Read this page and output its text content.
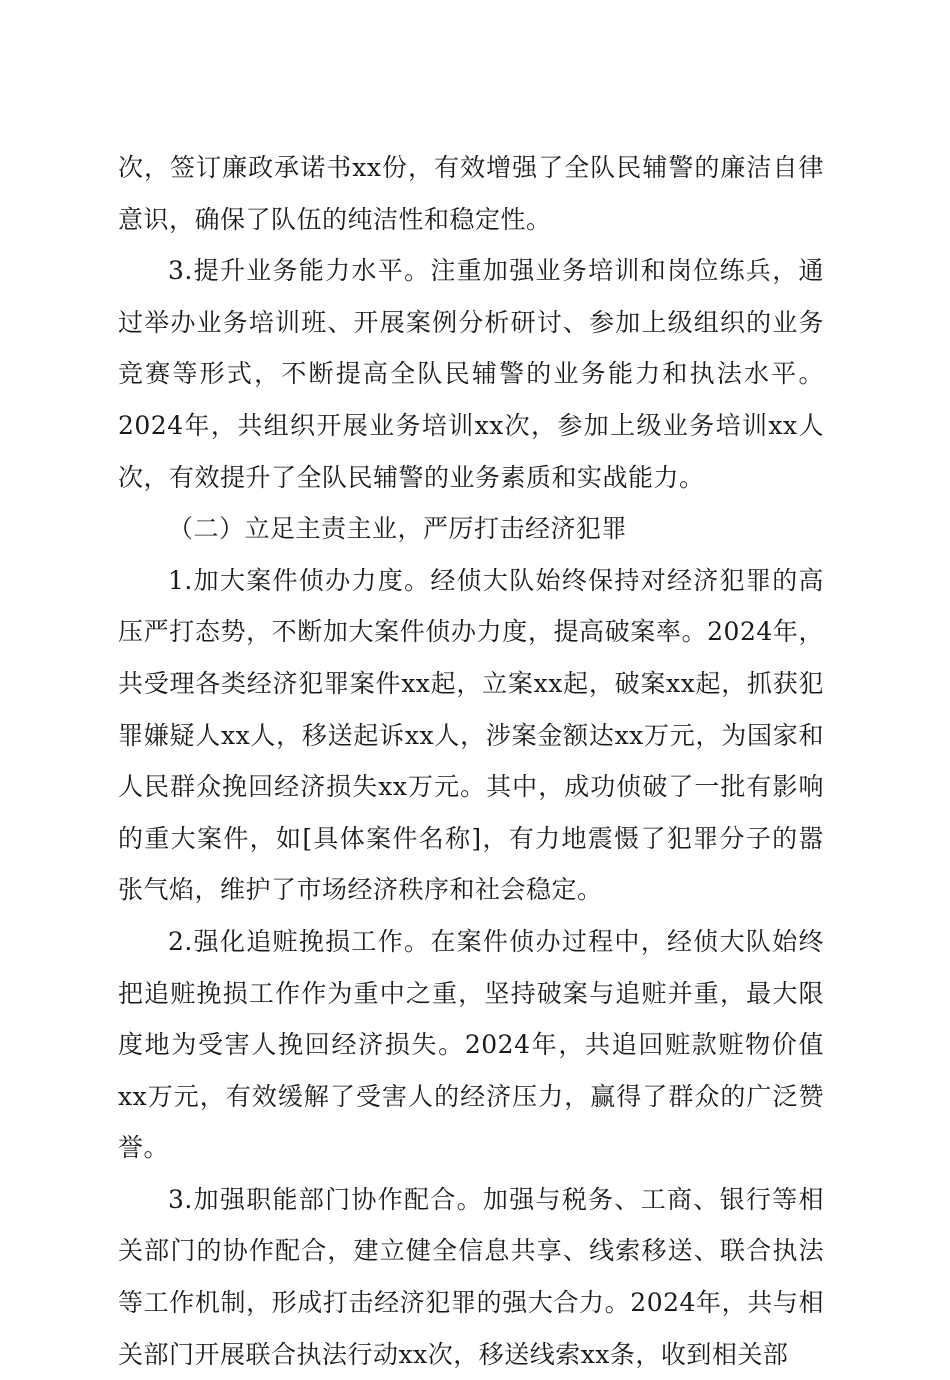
次，签订廉政承诺书xx份，有效增强了全队民辅警的廉洁自律意识，确保了队伍的纯洁性和稳定性。

3.提升业务能力水平。注重加强业务培训和岗位练兵，通过举办业务培训班、开展案例分析研讨、参加上级组织的业务竞赛等形式，不断提高全队民辅警的业务能力和执法水平。2024年，共组织开展业务培训xx次，参加上级业务培训xx人次，有效提升了全队民辅警的业务素质和实战能力。

（二）立足主责主业，严厉打击经济犯罪

1.加大案件侦办力度。经侦大队始终保持对经济犯罪的高压严打态势，不断加大案件侦办力度，提高破案率。2024年，共受理各类经济犯罪案件xx起，立案xx起，破案xx起，抓获犯罪嫌疑人xx人，移送起诉xx人，涉案金额达xx万元，为国家和人民群众挽回经济损失xx万元。其中，成功侦破了一批有影响的重大案件，如[具体案件名称]，有力地震慑了犯罪分子的嚣张气焰，维护了市场经济秩序和社会稳定。

2.强化追赃挽损工作。在案件侦办过程中，经侦大队始终把追赃挽损工作作为重中之重，坚持破案与追赃并重，最大限度地为受害人挽回经济损失。2024年，共追回赃款赃物价值xx万元，有效缓解了受害人的经济压力，赢得了群众的广泛赞誉。

3.加强职能部门协作配合。加强与税务、工商、银行等相关部门的协作配合，建立健全信息共享、线索移送、联合执法等工作机制，形成打击经济犯罪的强大合力。2024年，共与相关部门开展联合执法行动xx次，移送线索xx条，收到相关部
